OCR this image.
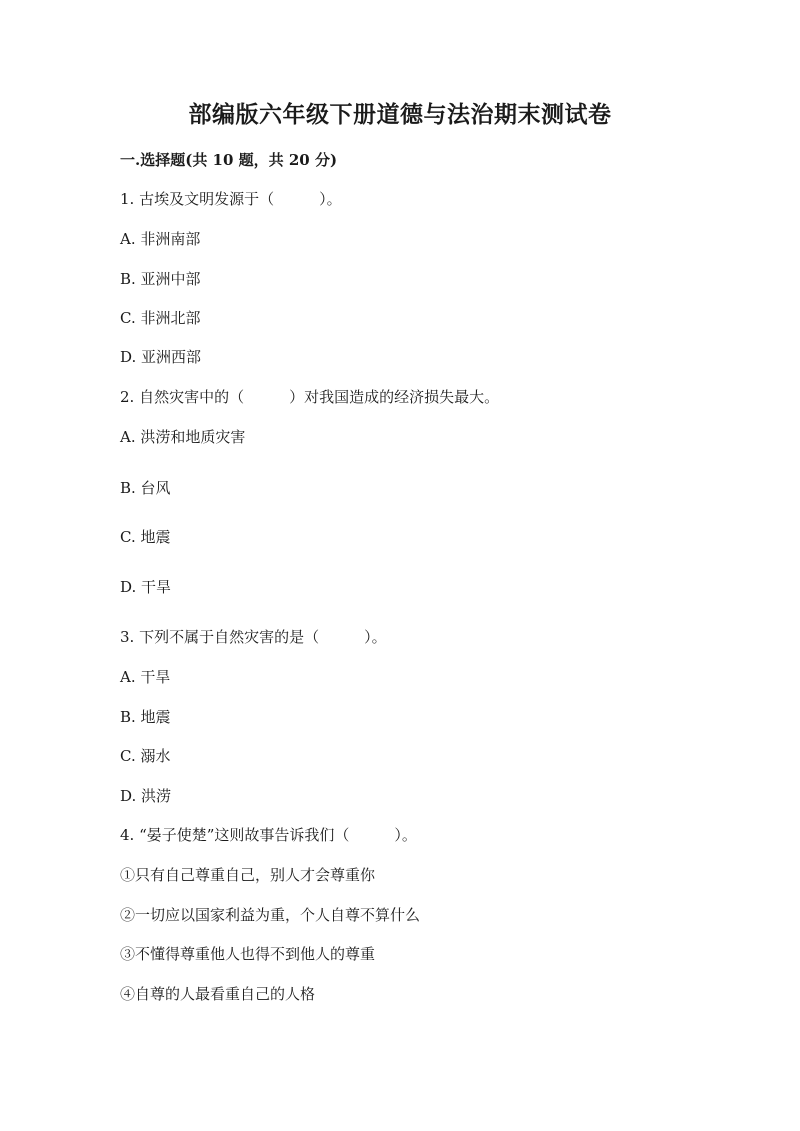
部编版六年级下册道德与法治期末测试卷
一.选择题(共 10 题，共 20 分)
1. 古埃及文明发源于（　　　）。
A. 非洲南部
B. 亚洲中部
C. 非洲北部
D. 亚洲西部
2. 自然灾害中的（　　　）对我国造成的经济损失最大。
A. 洪涝和地质灾害
B. 台风
C. 地震
D. 干旱
3. 下列不属于自然灾害的是（　　　）。
A. 干旱
B. 地震
C. 溺水
D. 洪涝
4. “晏子使楚”这则故事告诉我们（　　　）。
①只有自己尊重自己，别人才会尊重你
②一切应以国家利益为重，个人自尊不算什么
③不懂得尊重他人也得不到他人的尊重
④自尊的人最看重自己的人格
